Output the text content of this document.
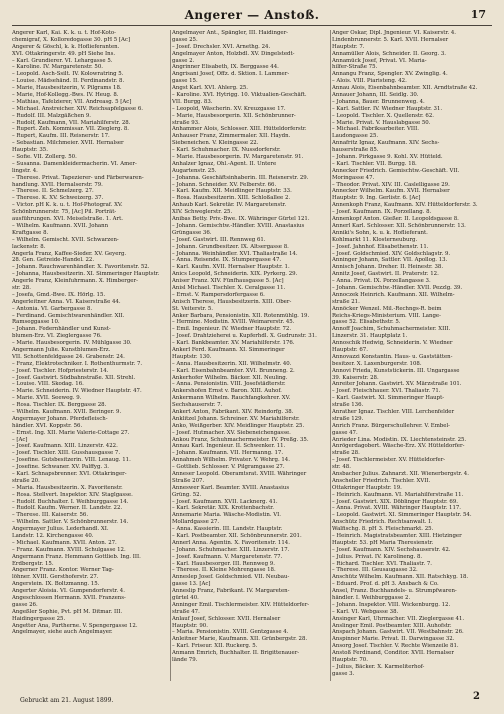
Angerer — Anstoß.	17
Angerer Karl, Kai. K. k. u. t. Hof-Koto-
chemigraf, X. Kolloredogasse 30. pH 5 [Ac]
Angerer & Göschl, k. k. Hoflieferanten.
XVI. Ottakringerstr. 49. pH Siehe Ins.
– Karl. Grundierer. VI. Lehargasse 5.
– Karoline. IV. Margaretenstr. 50.
– Leopold. Asch-Ssilt. IV. Kolowratring 5.
– Louise. Mädsehänd. II. Ferdinandstr. 8.
– Marie, Hausbesitzerin, V. Pilgrams 18.
– Marie, Hof-Kollegg.-Bws. IV. Heug. 8.
– Mathias, Tafelzierer, VII. Andreasg. 5 [Ac]
– Michael. Anstreicher. XIV. Reichsapfelgasse 6.
– Rudolf. III. Malzgäßchen 9.
– Rudolf, Kaufmann, VII. Mariahilferstr. 28.
– Rupert. Zeh. Kommissar. VII. Zieglerg. 8.
– Rupert, Kaufm. III. Reisnerstr. 17.
– Sebastian. Milchmeier. XVII. Hernalser
Hauptstr. 35.
– Sofie. VII. Zollerg. 50.
– Susanna. Damenkleidermacherin. VI. Amer-
lingstr. 4.
– Therese. Privat. Tapezierer- und Färberwaren-
handlung. XVII. Hernalserstr. 79.
– Therese. II. Schmelzerg. 27.
– Therese. K. XV. Schweizerg. 37.
– Victor. pH K. k. u. t. Hof-Photograf. XV.
Schönbrunnerstr. 75, [Ac] Pil. Porträt-
ausführungen. XVI. Meiselstraße. 1. Art.
– Wilhelm. Kaufmann. XVII. Johann
Kraftgasse 8.
– Wilhelm. Gemischt. XVII. Schwarzen-
lackenstr. 8.
Angerla Franz, Kaffee-Sieder. XV. Geyerg.
28. Gen. Getreide-Handel. 22.
– Johann. Rauchwarenhändler. X. Favoritenstr. 52.
– Johanna, Hausbesitzerin. XI. Simmeringer Hauptstr.
Angerle Franz, Kleinfuhrmann. X. Himberger-
str. 28.
– Josefa, Gmd.-Bwe. IX. Hörlg. 15.
Angerleitner Anna. VI. Kaiserstraße 44.
– Antonia. VI. Garbergasse 8.
– Ferdinand. Gemischtwarenhändler. XII.
Ramseggasse 10.
– Johann. Federnhändler und Kunst-
blumen-Erz. VI. Zieglergasse 76.
– Marie. Hausbesorgerin. IV. Mühlgasse 30.
Angermann Julie. Kunstblumen-Erz.
VII. Schottenfeldgasse 24. Grabenstr. 24.
– Franz, Elektrotechniker. I. Rothenthurmstr. 7.
– Josef. Tischler. Hofpriesterstr. 14.
– Josef. Gastwirt. Südbahnstraße. XII. Strehl.
– Louise. VIII. Skodag. 16.
– Marie. Schneiderin. IV. Wiedner Hauptstr. 47.
– Marie. XVII. Seeweg. 9.
– Rosa. Tischler. IX. Berggasse 28.
– Wilhelm. Kaufmann. XVII. Beringer. 9.
Angermayer Johann. Pferdefleisch-
händler. XVI. Koppstr. 56.
– Ernst. Ing. XII. Marie Valerie-Cottage 27.
– [Ac]
– Josef. Kaufmann. XIII. Linzerstr. 422.
– Josef. Tischler. XIII. Gusshausgasse 7.
– Josefine. Gutsbesitzerin. VIII. Lenaug. 11.
– Josefine. Schwaner. XV. Palffyg. 3.
– Karl. Schnapsbrenner. XVI. Ottakringer-
straße 20.
– Maria. Hausbesitzerin. X. Favoritenstr.
– Rosa. Stellvert. Inspektor. XIV. Staglgasse.
– Rudolf. Buchhalter. I. Weihburggasse 14.
– Rudolf. Kaufm. Werner. II. Landstr. 22.
– Therese. III. Kaiserstr. 56.
– Wilhelm. Sattler. V. Schönbrunnerstr. 14.
Angermayer Julius. Lederhandl. XI.
Landstr. 12. Kirchengasse 40.
– Michael. Kaufmann. XVII. Anton. 27.
– Franz. Kaufmann. XVIII. Schulgasse 12.
Angermann Franz. Hemmann Gottlieb. Ing. III.
Erdbergstr. 15.
Angerner Franz. Kontor. Werner Tag-
löhner. XVIII. Gersthoferstr. 27.
Angerstein. IX. Boltzmanng. 15.
Angerter Aloisia. VI. Gumpendorferstr. 4.
Angeschlossen Hermann. XVII. Franzens-
gasse 26.
Angeßler Sophie, Pvt. pH M. Ditmar. III.
Haidingergasse 25.
Angetter Ana, Partherne. V. Spengergasse 12.
Angelmayer, siehe auch Angelmayer.
Angelmayer Ant., Spängler, III. Haidinger-
gasse 25.
– Josef. Drechsler. XVI. Arnethg. 24.
Angelmayer Anton, Holzbdl. XV. Dingelstedt-
gasse 2.
Angrinner Elisabeth, IX. Berggasse 44.
Angrisani Josef, Offz. d. Sktion. I. Lammer-
gasse 15.
Angst Karl. XVI. Ahlerg. 25.
– Karoline. XVI. Hytrigg. 10. Viktualien-Geschäft.
VII. Burgg. 83.
– Leopold, Wäscherin. XV. Kreuzgasse 17.
– Marie, Hausbesorgerin. XII. Schönbrunner-
straße 93.
Anhammer Alois, Schlosser. XIII. Hütteldorferstr.
Anhauser Franz, Zimmermaler. XII. Haydn.
Siebeneichen. V. Kleingasse 22.
– Karl. Schuhmacher. IX. Nussdorferstr.
– Marie. Hausbesorgerin. IV. Margaretenstr. 91.
Anhalzer Ignaz, Ohl.-Agent. II. Untere
Augartenstr. 25.
– Johanna. Geschäftsinhaberin. III. Reisnerstr. 29.
– Johann. Schneider. XV. Felberstr. 66.
– Karl. Kaufm. XII. Meidlinger Hauptstr. 33.
– Rosa. Hausbesitzerin. XIII. Schloßallee 2.
Anhaub Karl. Sekretär. IV. Margaretenstr.
XIV. Schweglerstr. 25.
Anibas Betty. Priv.-Bwe. IX. Währinger Gürtel 121.
– Johann. Gemischtw.-Händler. XVIII. Anastasius
Grüngasse 36.
– Josef. Gastwirt. III. Rennweg 61.
– Johann. Grundbesitzer. IX. Altsergasse 8.
– Johanna. Weinhändler. XVI. Thaliastraße 14.
– Anna. Reisende. IX. Stumpergasse 47.
– Karl. Kaufm. XVII. Hernalser Hauptstr. 1.
Anics Leopold, Schneiderin. XIX. Pyrkerg. 29.
Aniser Franz. XIV. Fünfhausgasse 5. [Ac]
Anisl Michael. Tischler. X. Ceralgasse 11.
– Ernst. V. Rampersdorfergasse 6.
Anisch Therese, Hausbesitzerin. XIII. Ober-
St. Veiterstr. 5.
Anker Barbara, Pensionistin. XII. Rotenmühlg. 19.
– Hermine. Modistin. XVIII. Weimarerstr. 45.
– Emil. Ingenieur. IV. Wiedner Hauptstr. 72.
– Josef. Drahtzieherei u. Kupferhdl. X. Gudrunstr. 31.
– Karl. Bankbeamter. XV. Mariahilferstr. 176.
Ankerl Ferd. Kaufmann. XI. Simmeringer
Hauptstr. 130.
– Anna. Hausbesitzerin. XII. Wilhelmstr. 40.
– Karl. Eisenbahnbeamter. XVI. Brunneng. 2.
Ankerhofer Wilhelm. Bäcker. XII. Neuling.
– Anna. Pensionistin. VIII. Josefstädterstr.
Ankershofen Ernst v. Baron. XIII. Auhof.
Ankermann Wilhelm. Rauchfangkehrer. XV.
Sechshauserstr. 7.
Ankert Anton, Fabrikant. XIV. Reindorfg. 38.
Anklitzel Johann. Schreiner. XV. Mariahilferstr.
Anko, Weißgerber. XIV. Meidlinger Hauptstr. 25.
– Josef. Hutmacher. XV. Siebeneichengasse.
Ankou Franz, Schuhmachermeister. IV. Preßg. 35.
Annau Karl. Ingenieur. II. Schwenker. 11.
– Johann. Kaufmann. VII. Hermanng. 17.
Annahmeh Wilhelm. Privater. V. Wehrg. 14.
– Gottlieb. Schlosser. V. Pilgramgasse 27.
Anneser Leopold. Oberamtsrat. XVIII. Währinger
Straße 207.
Anneswer Karl. Beamter. XVIII. Anastasius
Grüng. 52.
– Josef. Kaufmann. XVII. Lacknerg. 41.
– Karl. Sekretär. XIX. Krottenbachstr.
Annemarie Maria. Wäsche-Modistin. VI.
Mollardgasse 27.
– Anna. Kassierin. III. Landstr. Hauptstr.
– Karl. Postbeamter. XII. Schönbrunnerstr. 201.
Annerl Anna. Agentin. X. Favoritenstr. 114.
– Johann. Schuhmacher. XIII. Linzerstr. 17.
– Josef. Kaufmann. V. Margaretenstr. 77.
– Karl. Hausbesorger. III. Rennweg 9.
– Therese. II. Kleine Mohrengasse 18.
Anneslep Josef. Goldschmied. VII. Neubau-
gasse 13. [Ac]
Anneslip Franz, Fabrikant. IV. Margareten-
gürtel 40.
Anninger Emil. Tischlermeister. XIV. Hütteldorfer-
straße 47.
Anlauf Josef, Schlosser. XVII. Hernalser
Hauptstr. 90.
– Maria. Pensionistin. XVIII. Gentzgasse 4.
Anleitner Marie, Kaufmann. XII. Grünbergstr. 28.
– Karl. Friseur. XII. Ruckerg. 5.
Anmann Emrich, Buchhalter. II. Brigittenauer-
lände 79.
Anger Oskar, Dipl. Jngenieur. VI. Kaiserstr. 4.
Lindenbrunnerstr. 5. Karl. XVII. Hernalser
Hauptstr. 7.
Annamüller Alois, Schneider. II. Georg. 3.
Annamück Josef, Privat. VI. Maria-
hilfer-Straße 75.
Annangu Franz, Spengler. XV. Zwinglig. 4.
– Alois. VIII. Piaristeng. 42.
Annau Alois, Eisenbahnbeamter. XII. Arndtstraße 42.
Annauer Johann, III. Seidlg. 30.
– Johanna, Bauer. Brunnenweg. 4.
– Karl. Sattler. IV. Wiedner Hauptstr. 31.
– Leopold. Tischler. X. Quellenstr. 62.
– Marie. Privat. V. Hauslabgasse 50.
– Michael. Fabriksarbeiter. VIII.
Laudongasse 25.
Annafritz Ignaz, Kaufmann. XIV. Sechs-
hauserstraße 85.
– Johann. Pirkgasse 9. Kohl. XV. Hütteld.
– Karl. Tischler. VII. Burgg. 18.
Annecker Friedrich. Gemischtw.-Geschäft. VII.
Moringasse 47.
– Theodor. Privat. XIV. III. Caslelligasse 29.
Annecker Wilhelm. Kaufm. XVII. Hernalser
Hauptstr. 9. Ing. Gerlistr. 6. [Ac]
Annenkoph Franz, Kaufmann. XIV. Hütteldorferstr. 3.
– Josef. Kaufmann. IX. Porzellang. 8.
Annenkopf Anton. Gießer. II. Leopoldsgasse 8.
Annerl Karl. Schlosser. XII. Schönbrunnerstr. 13.
Anniki's Sohn, k. u. k. Hoflieferant.
Kohlmarkt 11. Klosterneuburg.
– Josef. Jahnhof. Elisabethenstr. 11.
– Josef. Goldschmied. XIV. Goldschlagstr. 9.
Anninger Johann, Sattler. VII. Apollog. 13.
Annisch Johann. Dreher. II. Heinestr. 38.
Annitz Josef, Gastwirt. II. Praterstr. 12.
– Anna. Privat. IX. Porzellangasse 3.
– Johann. Gemischtw.-Händler. XVII. Pezzlg. 39.
Annoczek Heinrich. Kaufmann. XII. Wilhelm-
straße 21.
Annöcker Wenzel. Mil.-Rechngs-R. beim
Reichs-Kriegs-Ministerium. VIII. Lange-
gasse 52. Elisabethstr. 5.
Annoff Joachim, Schuhmachermeister. XIII.
Linzerstr. 31. Hauptplatz 1.
Annoschik Hedwig, Schneiderin. V. Wiedner
Hauptstr. 67.
Annovazzi Konstantin. Haus- u. Gaststätten-
besitzer. X. Laxenburgerstr. 108.
Annovi Frieda, Kunststickerin. III. Ungargasse
39. Kaiserstr. 28.
Anreiter Johann. Gastwirt. XV. Märzstraße 101.
– Josef. Fleischhauer. XVI. Thaliastr. 71.
– Karl. Gastwirt. XI. Simmeringer Haupt-
straße 136.
Anrather Ignaz. Tischler. VIII. Lerchenfelder
straße 129.
Anrich Franz. Bürgerschullehrer. V. Embel-
gasse 47.
Anrieder Lina. Modistin. IX. Liechtensteinstr. 25.
Anrögerdagobert. Wäsche-Erz. XV. Hütteldorfer-
straße 28.
– Josef. Tischlermeister. XV. Hütteldorfer-
str. 48.
Ansbacher Julius. Zahnarzt. XII. Wienerbergstr. 4.
Anscheller Friedrich. Tischler. XVII.
Ottakringer Hauptstr. 19.
– Heinrich. Kaufmann. VI. Mariahilferstraße 11.
– Josef. Gastwirt. XIX. Döblinger Hauptstr. 69.
– Anna. Privat. XVIII. Währinger Hauptstr. 117.
– Leopold. Gastwirt. XI. Simmeringer Hauptstr. 54.
Anschütz Friedrich. Rechtsanwalt. I.
Walfischg. 8. pH 3. Fleischmarkt. 25.
– Heinrich. Magistratsbeamter. XIII. Hietzinger
Hauptstr. 53. pH Maria Theresienstr.
– Josef. Kaufmann. XIV. Sechshauserstr. 42.
– Julius. Privat. IV. Karolineng. 8.
– Richard. Tischler. XVI. Thaliastr. 7.
– Therese. III. Geusaugasse 32.
Anschütz Wilhelm. Kaufmann. XII. Ratschkyg. 18.
– Eduard. Prof. d. pH 3. Ansbach & Co.
Ansel, Franz. Buchhandels- u. Strumpfwaren-
händler. I. Weihburggasse 2.
– Johann. Inspektor. VIII. Wickenburgg. 12.
– Karl. VI. Webgasse 38.
Ansinger Karl, Uhrmacher. VII. Zieglergasse 41.
Anslinger Emil. Postbeamter. XIII. Auhofstr.
Anspach Johann. Gastwirt. VII. Westbahnstr. 26.
Anspinner Marie. Privat. II. Darwingasse 32.
Ansorg Josef. Tischler. V. Rechte Wienzeile 81.
Anstoß Ferdinand, Conditor. XVII. Hernalser
Hauptstr. 70.
– Julius, Bäcker. X. Karmeliterhof-
gasse 3.
Gebruckt am 21. August 1899.	2
